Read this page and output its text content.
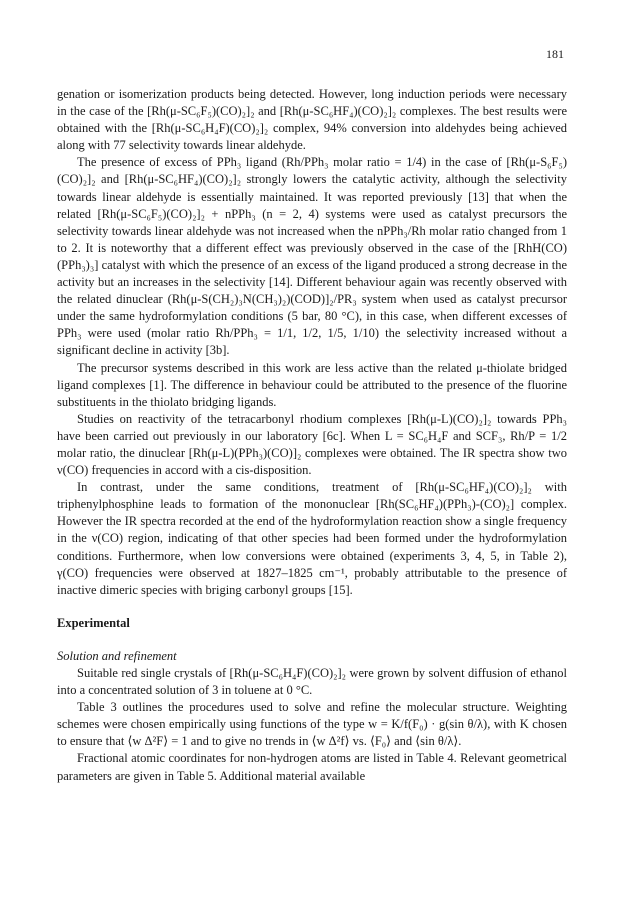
181

genation or isomerization products being detected. However, long induction periods were necessary in the case of the [Rh(μ-SC₆F₅)(CO)₂]₂ and [Rh(μ-SC₆HF₄)(CO)₂]₂ complexes. The best results were obtained with the [Rh(μ-SC₆H₄F)(CO)₂]₂ complex, 94% conversion into aldehydes being achieved along with 77 selectivity towards linear aldehyde.

The presence of excess of PPh₃ ligand (Rh/PPh₃ molar ratio = 1/4) in the case of [Rh(μ-S₆F₅)(CO)₂]₂ and [Rh(μ-SC₆HF₄)(CO)₂]₂ strongly lowers the catalytic activity, although the selectivity towards linear aldehyde is essentially maintained. It was reported previously [13] that when the related [Rh(μ-SC₆F₅)(CO)₂]₂ + nPPh₃ (n = 2, 4) systems were used as catalyst precursors the selectivity towards linear aldehyde was not increased when the nPPh₃/Rh molar ratio changed from 1 to 2. It is noteworthy that a different effect was previously observed in the case of the [RhH(CO)(PPh₃)₃] catalyst with which the presence of an excess of the ligand produced a strong decrease in the activity but an increases in the selectivity [14]. Different behaviour again was recently observed with the related dinuclear (Rh(μ-S(CH₂)₃N(CH₃)₂)(COD)]₂/PR₃ system when used as catalyst precursor under the same hydroformylation conditions (5 bar, 80 °C), in this case, when different excesses of PPh₃ were used (molar ratio Rh/PPh₃ = 1/1, 1/2, 1/5, 1/10) the selectivity increased without a significant decline in activity [3b].

The precursor systems described in this work are less active than the related μ-thiolate bridged ligand complexes [1]. The difference in behaviour could be attributed to the presence of the fluorine substituents in the thiolato bridging ligands.

Studies on reactivity of the tetracarbonyl rhodium complexes [Rh(μ-L)(CO)₂]₂ towards PPh₃ have been carried out previously in our laboratory [6c]. When L = SC₆H₄F and SCF₃, Rh/P = 1/2 molar ratio, the dinuclear [Rh(μ-L)(PPh₃)(CO)]₂ complexes were obtained. The IR spectra show two ν(CO) frequencies in accord with a cis-disposition.

In contrast, under the same conditions, treatment of [Rh(μ-SC₆HF₄)(CO)₂]₂ with triphenylphosphine leads to formation of the mononuclear [Rh(SC₆HF₄)(PPh₃)-(CO)₂] complex. However the IR spectra recorded at the end of the hydroformylation reaction show a single frequency in the ν(CO) region, indicating of that other species had been formed under the hydroformylation conditions. Furthermore, when low conversions were obtained (experiments 3, 4, 5, in Table 2), γ(CO) frequencies were observed at 1827–1825 cm⁻¹, probably attributable to the presence of inactive dimeric species with briging carbonyl groups [15].

Experimental

Solution and refinement

Suitable red single crystals of [Rh(μ-SC₆H₄F)(CO)₂]₂ were grown by solvent diffusion of ethanol into a concentrated solution of 3 in toluene at 0 °C.

Table 3 outlines the procedures used to solve and refine the molecular structure. Weighting schemes were chosen empirically using functions of the type w = K/f(F₀) · g(sin θ/λ), with K chosen to ensure that ⟨w Δ²F⟩ = 1 and to give no trends in ⟨w Δ²f⟩ vs. ⟨F₀⟩ and ⟨sin θ/λ⟩.

Fractional atomic coordinates for non-hydrogen atoms are listed in Table 4. Relevant geometrical parameters are given in Table 5. Additional material available
